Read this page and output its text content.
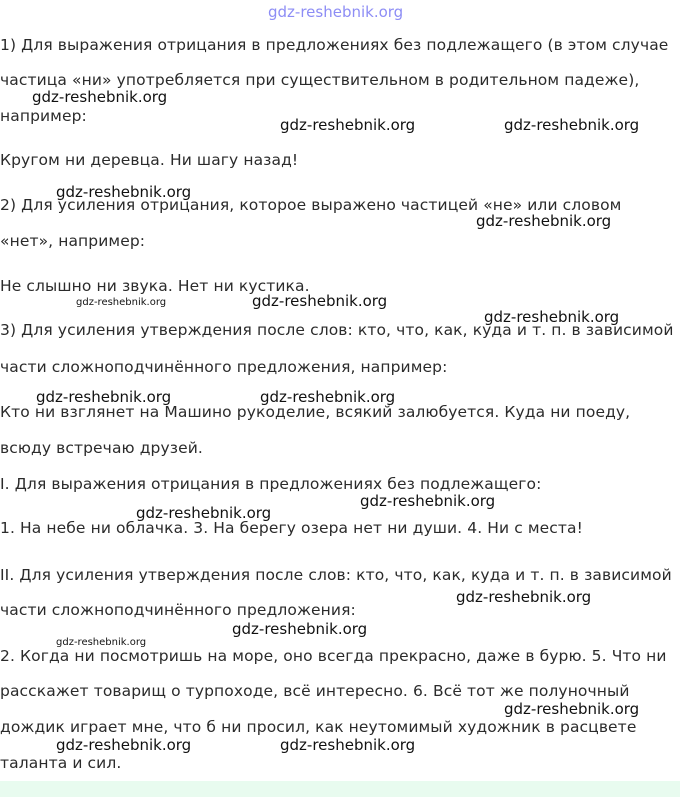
gdz-reshebnik.org
1) Для выражения отрицания в предложениях без подлежащего (в этом случае
частица «ни» употребляется при существительном в родительном падеже),
например:
Кругом ни деревца. Ни шагу назад!
2) Для усиления отрицания, которое выражено частицей «не» или словом
«нет», например:
Не слышно ни звука. Нет ни кустика.
3) Для усиления утверждения после слов: кто, что, как, куда и т. п. в зависимой
части сложноподчинённого предложения, например:
Кто ни взглянет на Машино рукоделие, всякий залюбуется. Куда ни поеду,
всюду встречаю друзей.
I. Для выражения отрицания в предложениях без подлежащего:
1. На небе ни облачка. 3. На берегу озера нет ни души. 4. Ни с места!
II. Для усиления утверждения после слов: кто, что, как, куда и т. п. в зависимой
части сложноподчинённого предложения:
2. Когда ни посмотришь на море, оно всегда прекрасно, даже в бурю. 5. Что ни
расскажет товарищ о турпоходе, всё интересно. 6. Всё тот же полуночный
дождик играет мне, что б ни просил, как неутомимый художник в расцвете
таланта и сил.
gdz-reshebnik.org
gdz-reshebnik.org	gdz-reshebnik.org
gdz-reshebnik.org
gdz-reshebnik.org
gdz-reshebnik.org	gdz-reshebnik.org
gdz-reshebnik.org
gdz-reshebnik.org	gdz-reshebnik.org
gdz-reshebnik.org
gdz-reshebnik.org
gdz-reshebnik.org
gdz-reshebnik.org
gdz-reshebnik.org
gdz-reshebnik.org
gdz-reshebnik.org	gdz-reshebnik.org
